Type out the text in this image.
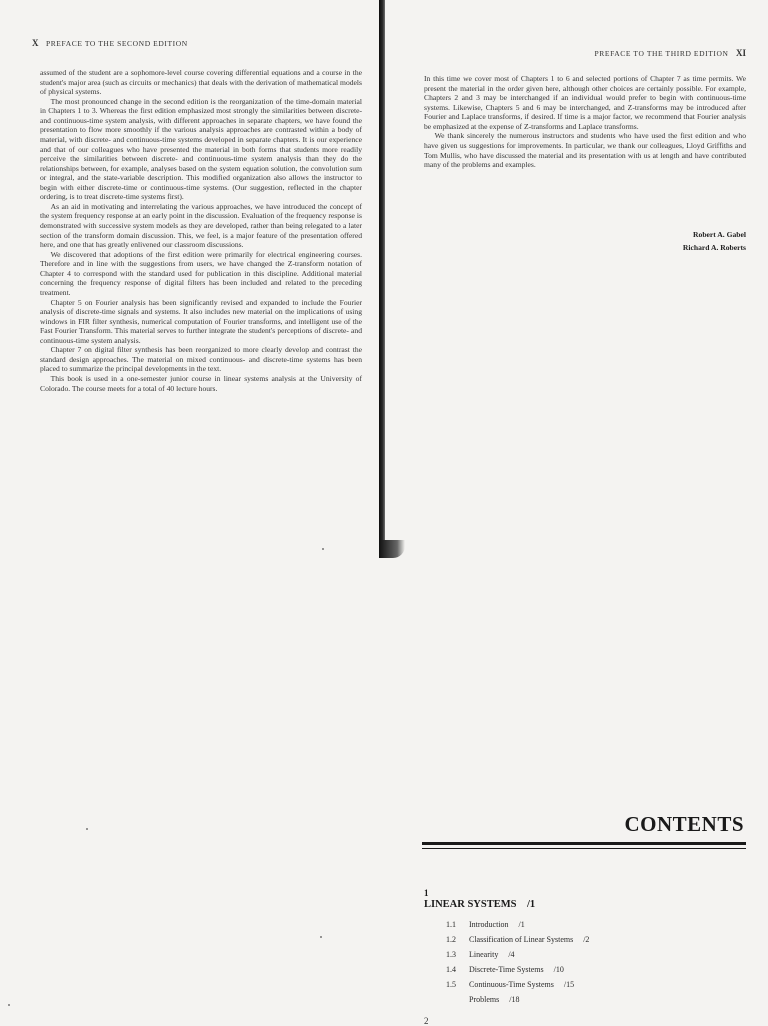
X PREFACE TO THE SECOND EDITION

assumed of the student are a sophomore-level course covering differential equations and a course in the student's major area (such as circuits or mechanics) that deals with the derivation of mathematical models of physical systems.

The most pronounced change in the second edition is the reorganization of the time-domain material in Chapters 1 to 3. Whereas the first edition emphasized most strongly the similarities between discrete- and continuous-time system analysis, with different approaches in separate chapters, we have found the presentation to flow more smoothly if the various analysis approaches are contrasted within a body of material, with discrete- and continuous-time systems developed in separate chapters. It is our experience and that of our colleagues who have presented the material in both forms that students more readily perceive the similarities between discrete- and continuous-time system analysis than they do the relationships between, for example, analyses based on the system equation solution, the convolution sum or integral, and the state-variable description. This modified organization also allows the instructor to begin with either discrete-time or continuous-time systems. (Our suggestion, reflected in the chapter ordering, is to treat discrete-time systems first).

As an aid in motivating and interrelating the various approaches, we have introduced the concept of the system frequency response at an early point in the discussion. Evaluation of the frequency response is demonstrated with successive system models as they are developed, rather than being relegated to a later section of the transform domain discussion. This, we feel, is a major feature of the presentation offered here, and one that has greatly enlivened our classroom discussions.

We discovered that adoptions of the first edition were primarily for electrical engineering courses. Therefore and in line with the suggestions from users, we have changed the Z-transform notation of Chapter 4 to correspond with the standard used for publication in this discipline. Additional material concerning the frequency response of digital filters has been included and related to the preceding treatment.

Chapter 5 on Fourier analysis has been significantly revised and expanded to include the Fourier analysis of discrete-time signals and systems. It also includes new material on the implications of using windows in FIR filter synthesis, numerical computation of Fourier transforms, and intelligent use of the Fast Fourier Transform. This material serves to further integrate the student's perceptions of discrete- and continuous-time system analysis.

Chapter 7 on digital filter synthesis has been reorganized to more clearly develop and contrast the standard design approaches. The material on mixed continuous- and discrete-time systems has been placed to summarize the principal developments in the text.

This book is used in a one-semester junior course in linear systems analysis at the University of Colorado. The course meets for a total of 40 lecture hours.

PREFACE TO THE THIRD EDITION XI

In this time we cover most of Chapters 1 to 6 and selected portions of Chapter 7 as time permits. We present the material in the order given here, although other choices are certainly possible. For example, Chapters 2 and 3 may be interchanged if an individual would prefer to begin with continuous-time systems. Likewise, Chapters 5 and 6 may be interchanged, and Z-transforms may be introduced after Fourier and Laplace transforms, if desired. If time is a major factor, we recommend that Fourier analysis be emphasized at the expense of Z-transforms and Laplace transforms.

We thank sincerely the numerous instructors and students who have used the first edition and who have given us suggestions for improvements. In particular, we thank our colleagues, Lloyd Griffiths and Tom Mullis, who have discussed the material and its presentation with us at length and have contributed many of the problems and examples.

Robert A. Gabel
Richard A. Roberts
CONTENTS
1
LINEAR SYSTEMS /1
1.1	Introduction /1
1.2	Classification of Linear Systems /2
1.3	Linearity /4
1.4	Discrete-Time Systems /10
1.5	Continuous-Time Systems /15
Problems /18
2
